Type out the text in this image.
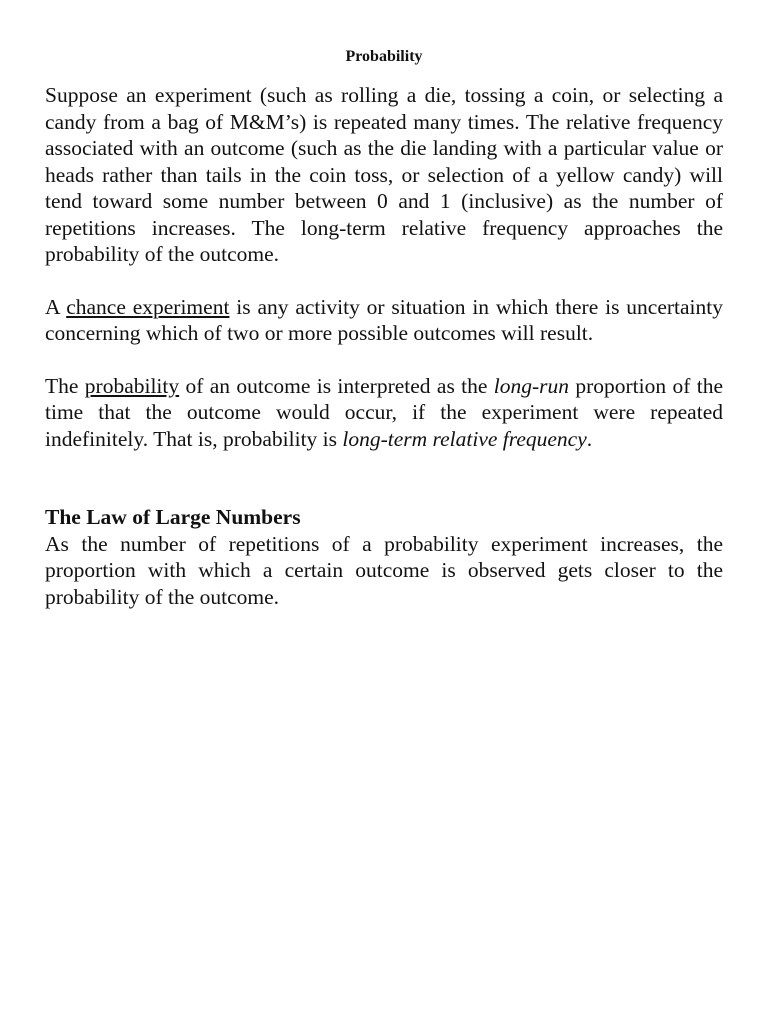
Probability

Suppose an experiment (such as rolling a die, tossing a coin, or selecting a candy from a bag of M&M’s) is repeated many times. The relative frequency associated with an outcome (such as the die landing with a particular value or heads rather than tails in the coin toss, or selection of a yellow candy) will tend toward some number between 0 and 1 (inclusive) as the number of repetitions increases. The long-term relative frequency approaches the probability of the outcome.

A chance experiment is any activity or situation in which there is uncertainty concerning which of two or more possible outcomes will result.

The probability of an outcome is interpreted as the long-run proportion of the time that the outcome would occur, if the experiment were repeated indefinitely. That is, probability is long-term relative frequency.

The Law of Large Numbers

As the number of repetitions of a probability experiment increases, the proportion with which a certain outcome is observed gets closer to the probability of the outcome.
